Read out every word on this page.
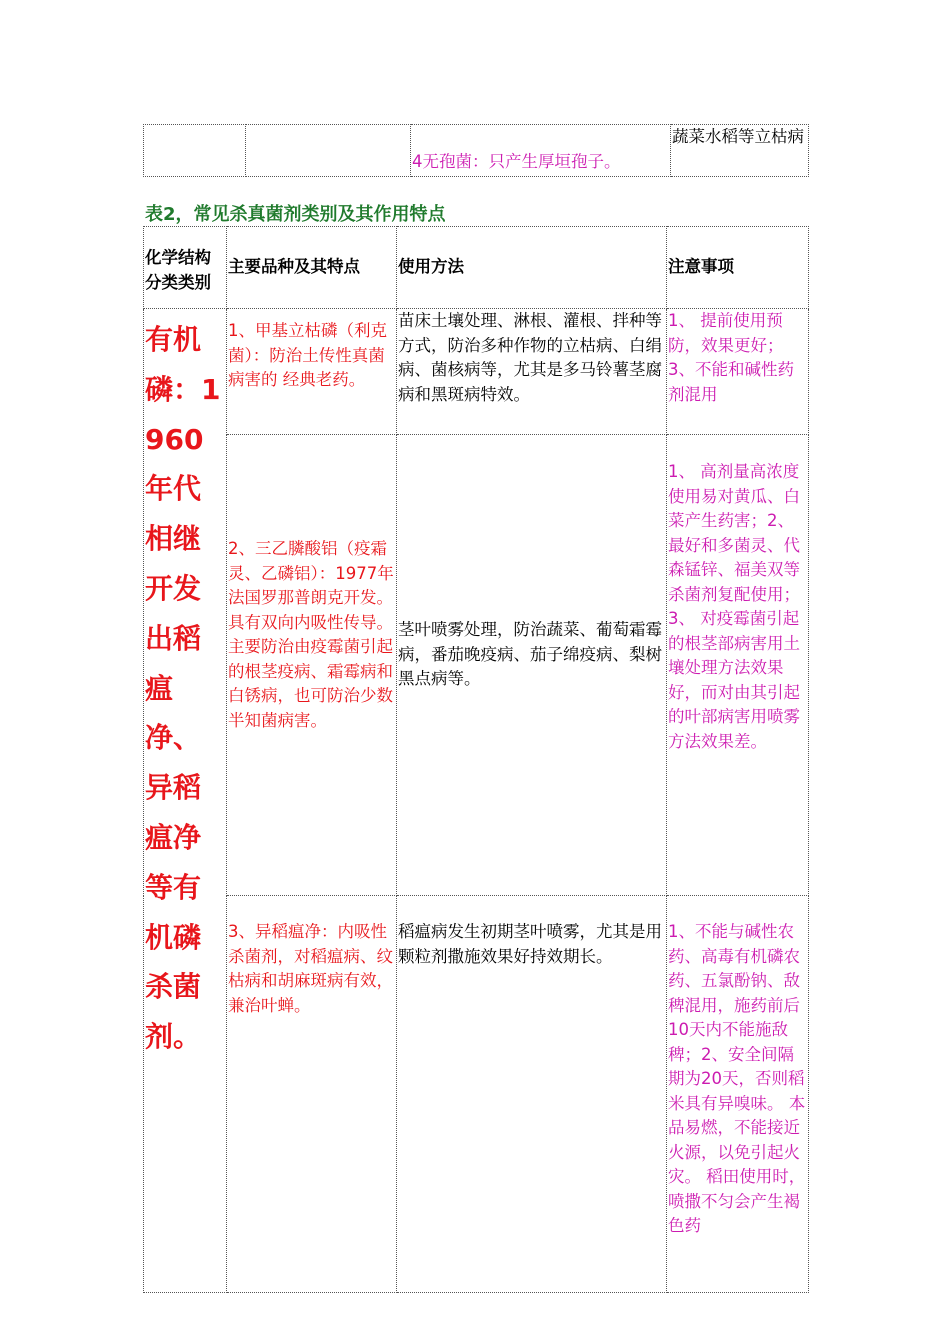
		4无孢菌：只产生厚垣孢子。	蔬菜水稻等立枯病

表2，常见杀真菌剂类别及其作用特点

化学结构分类类别	主要品种及其特点	使用方法	注意事项

有机磷：1960年代相继开发出稻瘟净、异稻瘟净等有机磷杀菌剂。	1、甲基立枯磷（利克菌）：防治土传性真菌病害的 经典老药。	苗床土壤处理、淋根、灌根、拌种等方式，防治多种作物的立枯病、白绢病、菌核病等，尤其是多马铃薯茎腐病和黑斑病特效。	1、 提前使用预防，效果更好；3、不能和碱性药剂混用
	2、三乙膦酸铝（疫霜灵、乙磷铝）：1977年法国罗那普朗克开发。具有双向内吸性传导。主要防治由疫霉菌引起的根茎疫病、霜霉病和白锈病，也可防治少数半知菌病害。	茎叶喷雾处理，防治蔬菜、葡萄霜霉病，番茄晚疫病、茄子绵疫病、梨树黑点病等。	1、 高剂量高浓度使用易对黄瓜、白菜产生药害；2、 最好和多菌灵、代森锰锌、福美双等杀菌剂复配使用；3、 对疫霉菌引起的根茎部病害用土壤处理方法效果好，而对由其引起的叶部病害用喷雾方法效果差。
	3、异稻瘟净：内吸性杀菌剂，对稻瘟病、纹枯病和胡麻斑病有效，兼治叶蝉。	稻瘟病发生初期茎叶喷雾，尤其是用颗粒剂撒施效果好持效期长。	1、不能与碱性农药、高毒有机磷农药、五氯酚钠、敌稗混用，施药前后10天内不能施敌稗；2、安全间隔期为20天，否则稻米具有异嗅味。 本品易燃，不能接近火源，以免引起火灾。 稻田使用时，喷撒不匀会产生褐色药
